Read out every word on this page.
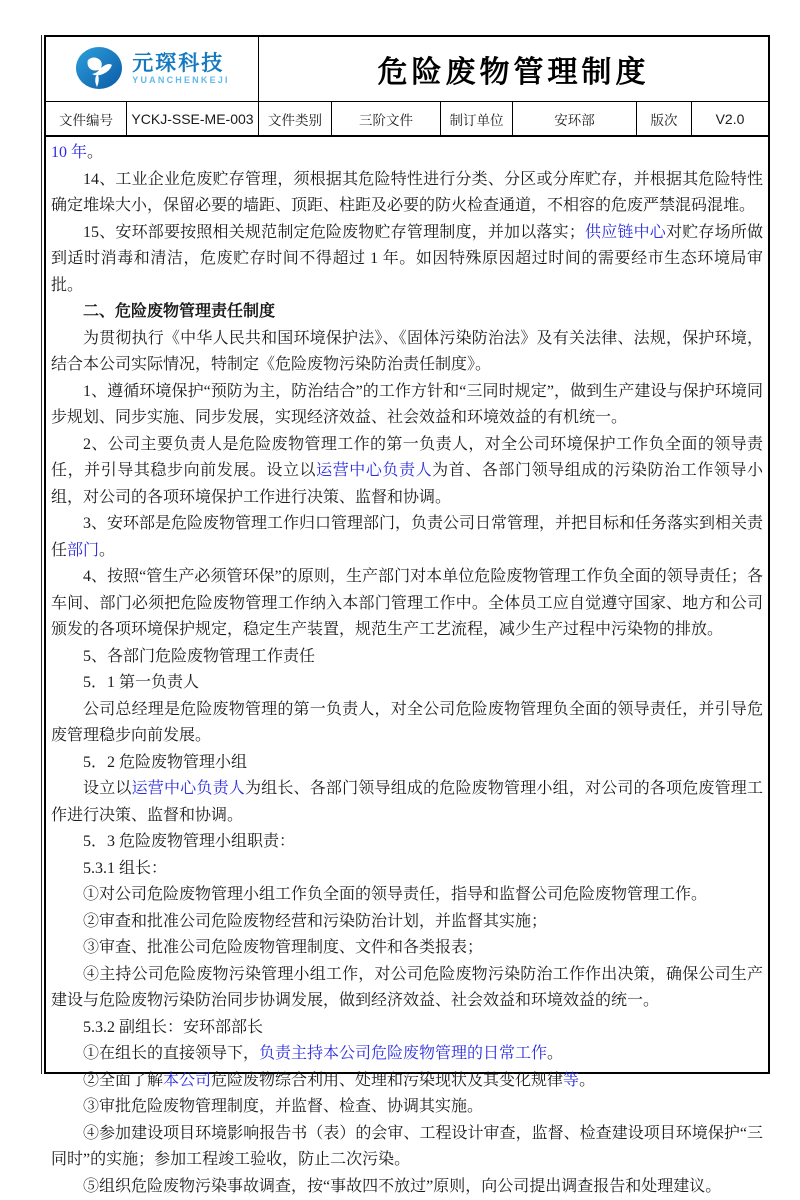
元琛科技
YUANCHENKEJI	危险废物管理制度
文件编号	YCKJ-SSE-ME-003	文件类别	三阶文件	制订单位	安环部	版次	V2.0

10 年。

14、工业企业危废贮存管理，须根据其危险特性进行分类、分区或分库贮存，并根据其危险特性确定堆垛大小，保留必要的墙距、顶距、柱距及必要的防火检查通道，不相容的危废严禁混码混堆。

15、安环部要按照相关规范制定危险废物贮存管理制度，并加以落实；供应链中心对贮存场所做到适时消毒和清洁，危废贮存时间不得超过 1 年。如因特殊原因超过时间的需要经市生态环境局审批。

二、危险废物管理责任制度

为贯彻执行《中华人民共和国环境保护法》、《固体污染防治法》及有关法律、法规，保护环境，结合本公司实际情况，特制定《危险废物污染防治责任制度》。

1、遵循环境保护“预防为主，防治结合”的工作方针和“三同时规定”，做到生产建设与保护环境同步规划、同步实施、同步发展，实现经济效益、社会效益和环境效益的有机统一。

2、公司主要负责人是危险废物管理工作的第一负责人，对全公司环境保护工作负全面的领导责任，并引导其稳步向前发展。设立以运营中心负责人为首、各部门领导组成的污染防治工作领导小组，对公司的各项环境保护工作进行决策、监督和协调。

3、安环部是危险废物管理工作归口管理部门，负责公司日常管理，并把目标和任务落实到相关责任部门。

4、按照“管生产必须管环保”的原则，生产部门对本单位危险废物管理工作负全面的领导责任；各车间、部门必须把危险废物管理工作纳入本部门管理工作中。全体员工应自觉遵守国家、地方和公司颁发的各项环境保护规定，稳定生产装置，规范生产工艺流程，减少生产过程中污染物的排放。

5、各部门危险废物管理工作责任

5．1 第一负责人

公司总经理是危险废物管理的第一负责人，对全公司危险废物管理负全面的领导责任，并引导危废管理稳步向前发展。

5．2 危险废物管理小组

设立以运营中心负责人为组长、各部门领导组成的危险废物管理小组，对公司的各项危废管理工作进行决策、监督和协调。

5．3 危险废物管理小组职责：

5.3.1 组长：

①对公司危险废物管理小组工作负全面的领导责任，指导和监督公司危险废物管理工作。

②审查和批准公司危险废物经营和污染防治计划，并监督其实施；

③审查、批准公司危险废物管理制度、文件和各类报表；

④主持公司危险废物污染管理小组工作，对公司危险废物污染防治工作作出决策，确保公司生产建设与危险废物污染防治同步协调发展，做到经济效益、社会效益和环境效益的统一。

5.3.2 副组长：安环部部长

①在组长的直接领导下，负责主持本公司危险废物管理的日常工作。

②全面了解本公司危险废物综合利用、处理和污染现状及其变化规律等。

③审批危险废物管理制度，并监督、检查、协调其实施。

④参加建设项目环境影响报告书（表）的会审、工程设计审查，监督、检查建设项目环境保护“三同时”的实施；参加工程竣工验收，防止二次污染。

⑤组织危险废物污染事故调查，按“事故四不放过”原则，向公司提出调查报告和处理建议。
